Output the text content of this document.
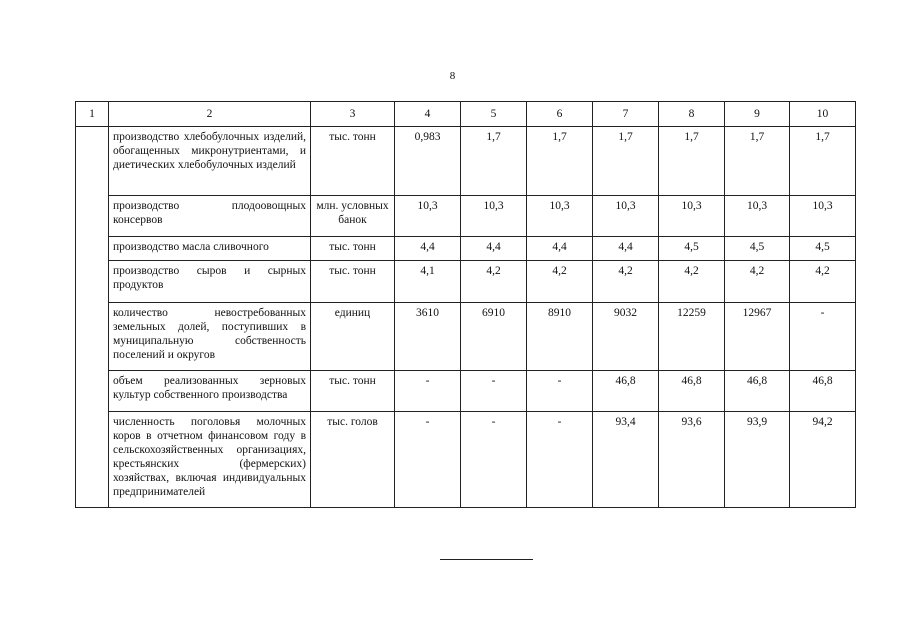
8
1	2	3	4	5	6	7	8	9	10
	производство хлебобулочных изделий, обогащенных микронутриентами, и диетических хлебобулочных изделий	тыс. тонн	0,983	1,7	1,7	1,7	1,7	1,7	1,7
	производство плодоовощных консервов	млн. условных банок	10,3	10,3	10,3	10,3	10,3	10,3	10,3
	производство масла сливочного	тыс. тонн	4,4	4,4	4,4	4,4	4,5	4,5	4,5
	производство сыров и сырных продуктов	тыс. тонн	4,1	4,2	4,2	4,2	4,2	4,2	4,2
	количество невостребованных земельных долей, поступивших в муниципальную собственность поселений и округов	единиц	3610	6910	8910	9032	12259	12967	-
	объем реализованных зерновых культур собственного производства	тыс. тонн	-	-	-	46,8	46,8	46,8	46,8
	численность поголовья молочных коров в отчетном финансовом году в сельскохозяйственных организациях, крестьянских (фермерских) хозяйствах, включая индивидуальных предпринимателей	тыс. голов	-	-	-	93,4	93,6	93,9	94,2
